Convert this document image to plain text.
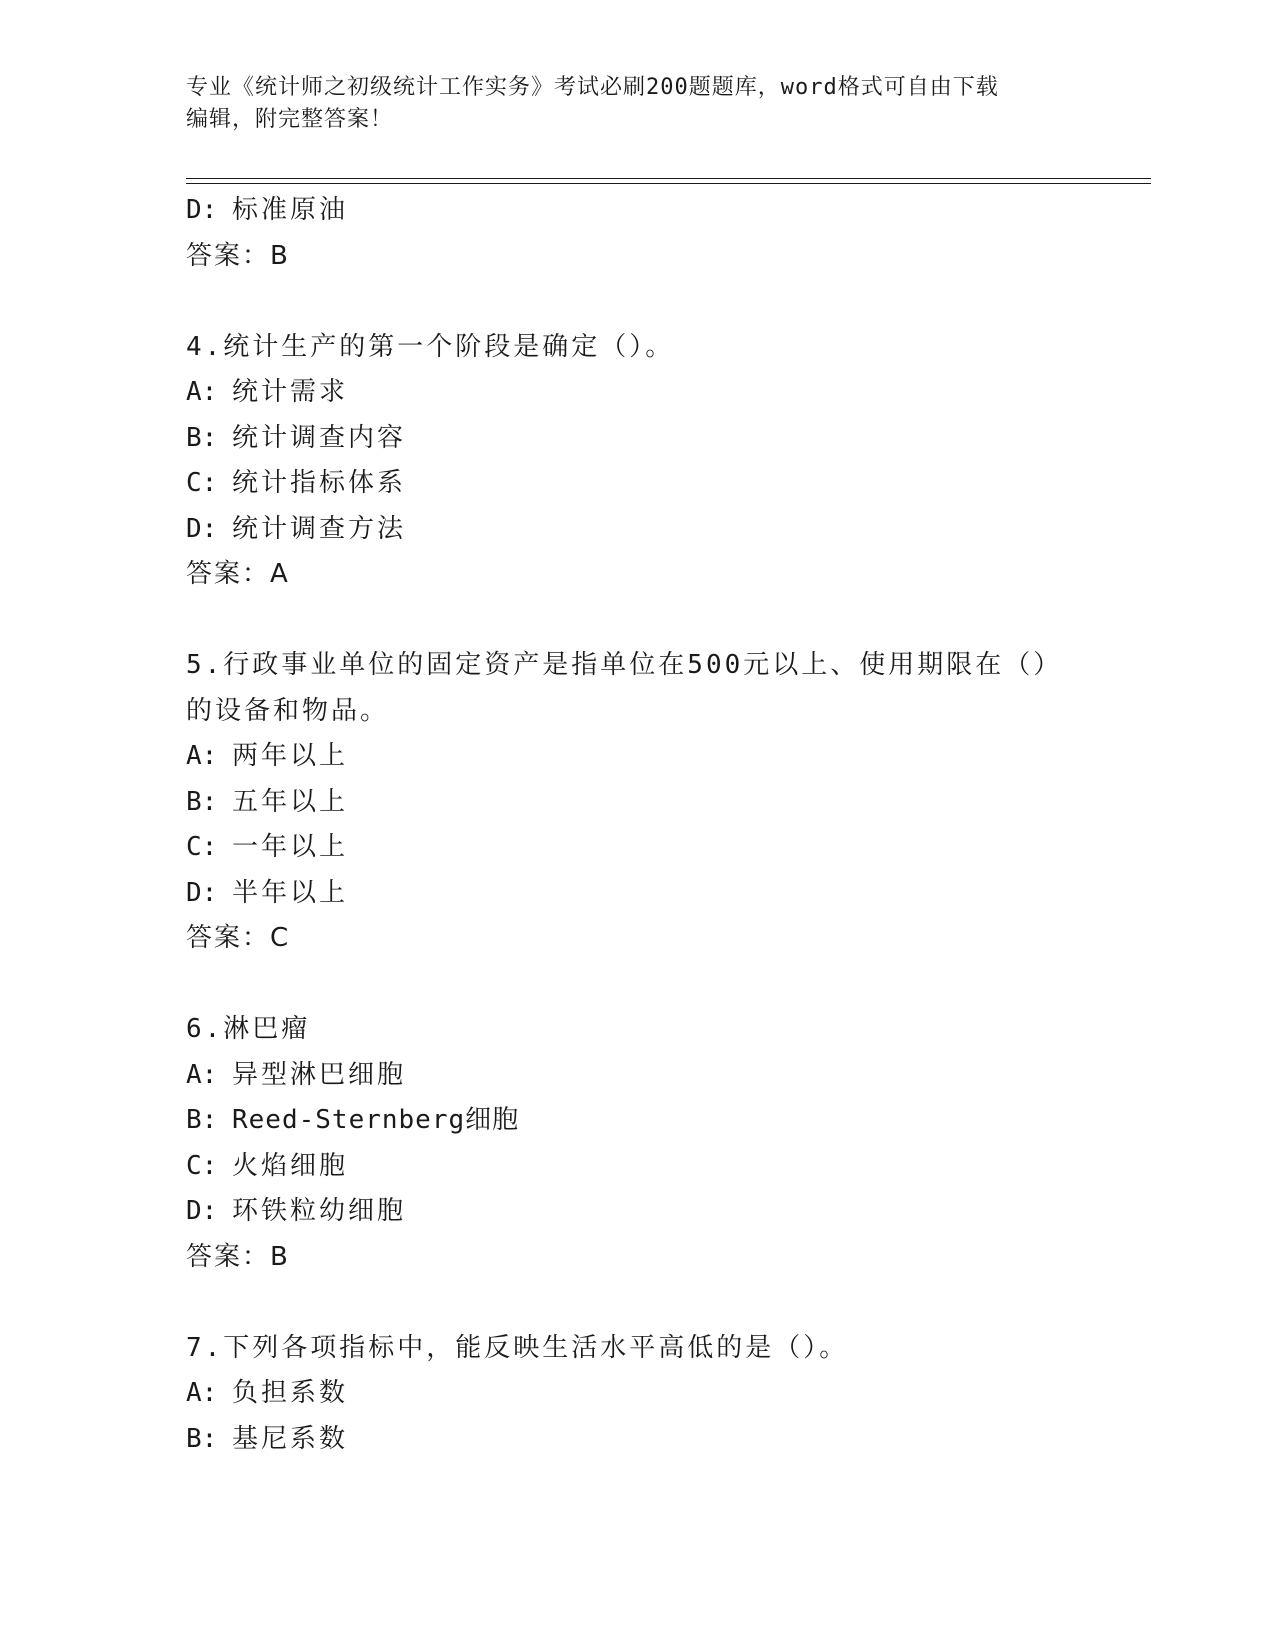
专业《统计师之初级统计工作实务》考试必刷200题题库，word格式可自由下载
编辑，附完整答案！
D: 标准原油
答案：B
4.统计生产的第一个阶段是确定（）。
A: 统计需求
B: 统计调查内容
C: 统计指标体系
D: 统计调查方法
答案：A
5.行政事业单位的固定资产是指单位在500元以上、使用期限在（）
的设备和物品。
A: 两年以上
B: 五年以上
C: 一年以上
D: 半年以上
答案：C
6.淋巴瘤
A: 异型淋巴细胞
B: Reed-Sternberg细胞
C: 火焰细胞
D: 环铁粒幼细胞
答案：B
7.下列各项指标中，能反映生活水平高低的是（）。
A: 负担系数
B: 基尼系数
